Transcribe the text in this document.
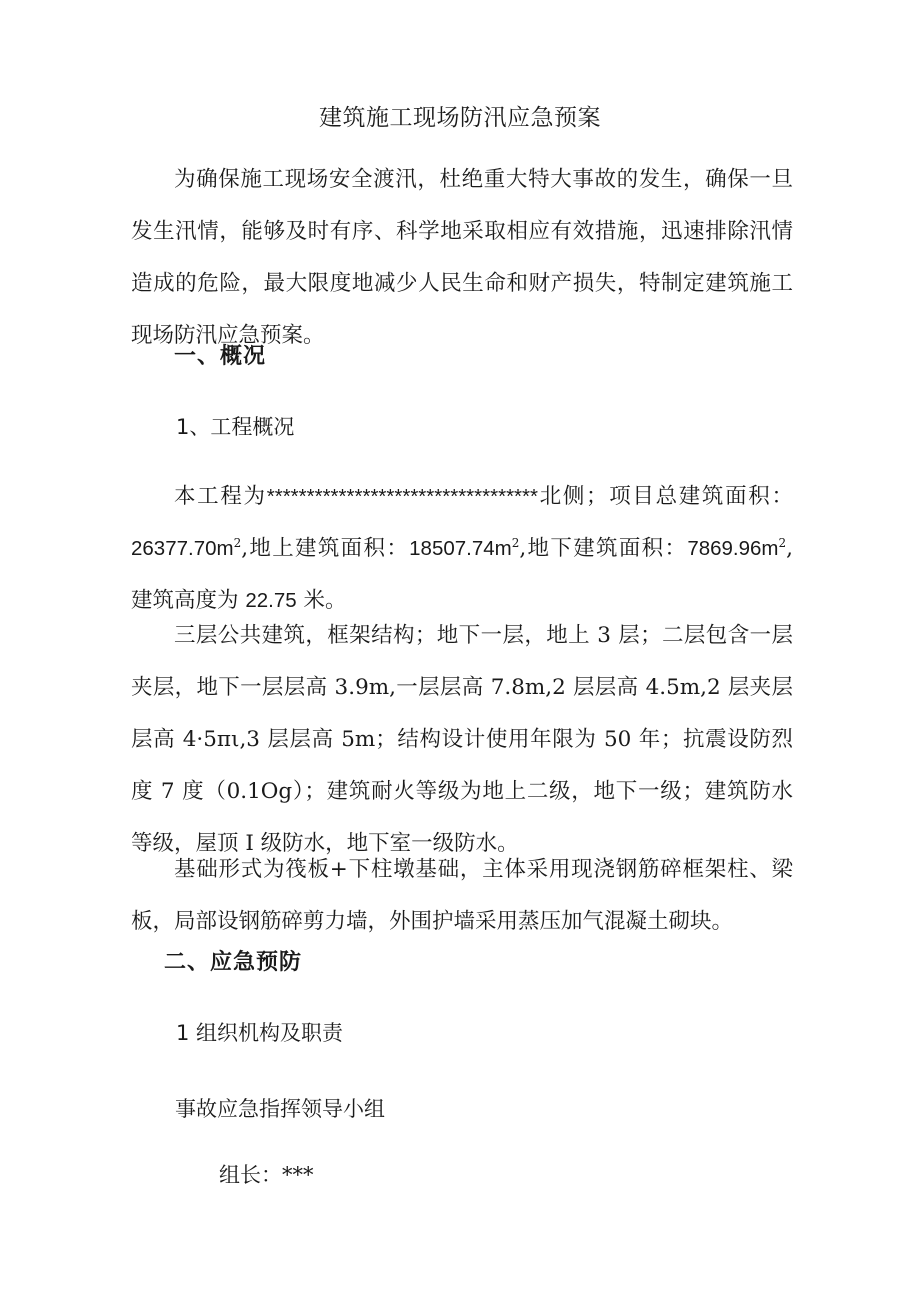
建筑施工现场防汛应急预案

为确保施工现场安全渡汛，杜绝重大特大事故的发生，确保一旦发生汛情，能够及时有序、科学地采取相应有效措施，迅速排除汛情造成的危险，最大限度地减少人民生命和财产损失，特制定建筑施工现场防汛应急预案。

一、概况
1、工程概况

本工程为**********************************北侧；项目总建筑面积：$26377.70m^2$,地上建筑面积：$18507.74m^2$,地下建筑面积：$7869.96m^2$,建筑高度为 22.75 米。

三层公共建筑，框架结构；地下一层，地上 3 层；二层包含一层夹层，地下一层层高 3.9m,一层层高 7.8m,2 层层高 4.5m,2 层夹层层高 4·5πι,3 层层高 5m；结构设计使用年限为 50 年；抗震设防烈度 7 度（0.1Og）；建筑耐火等级为地上二级，地下一级；建筑防水等级，屋顶 I 级防水，地下室一级防水。

基础形式为筏板+下柱墩基础，主体采用现浇钢筋碎框架柱、梁板，局部设钢筋碎剪力墙，外围护墙采用蒸压加气混凝土砌块。

二、应急预防
1 组织机构及职责
事故应急指挥领导小组
组长：***
